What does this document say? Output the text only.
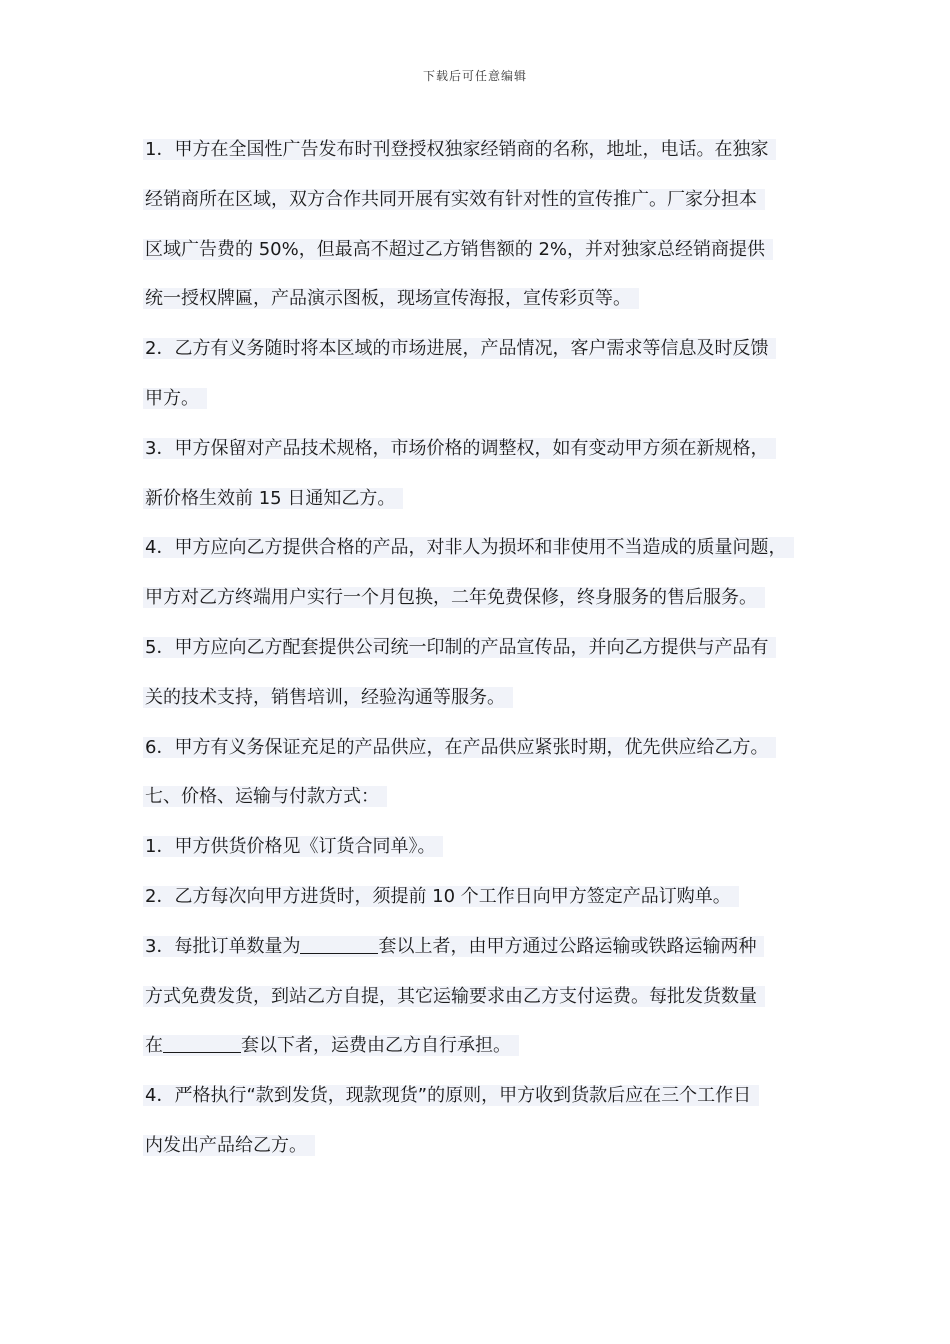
下载后可任意编辑
1．甲方在全国性广告发布时刊登授权独家经销商的名称，地址，电话。在独家
经销商所在区域，双方合作共同开展有实效有针对性的宣传推广。厂家分担本
区域广告费的 50%，但最高不超过乙方销售额的 2%，并对独家总经销商提供
统一授权牌匾，产品演示图板，现场宣传海报，宣传彩页等。
2．乙方有义务随时将本区域的市场进展，产品情况，客户需求等信息及时反馈
甲方。
3．甲方保留对产品技术规格，市场价格的调整权，如有变动甲方须在新规格，
新价格生效前 15 日通知乙方。
4．甲方应向乙方提供合格的产品，对非人为损坏和非使用不当造成的质量问题，
甲方对乙方终端用户实行一个月包换，二年免费保修，终身服务的售后服务。
5．甲方应向乙方配套提供公司统一印制的产品宣传品，并向乙方提供与产品有
关的技术支持，销售培训，经验沟通等服务。
6．甲方有义务保证充足的产品供应，在产品供应紧张时期，优先供应给乙方。
七、价格、运输与付款方式：
1．甲方供货价格见《订货合同单》。
2．乙方每次向甲方进货时，须提前 10 个工作日向甲方签定产品订购单。
3．每批订单数量为	套以上者，由甲方通过公路运输或铁路运输两种
方式免费发货，到站乙方自提，其它运输要求由乙方支付运费。每批发货数量
在	套以下者，运费由乙方自行承担。
4．严格执行“款到发货，现款现货”的原则，甲方收到货款后应在三个工作日
内发出产品给乙方。
